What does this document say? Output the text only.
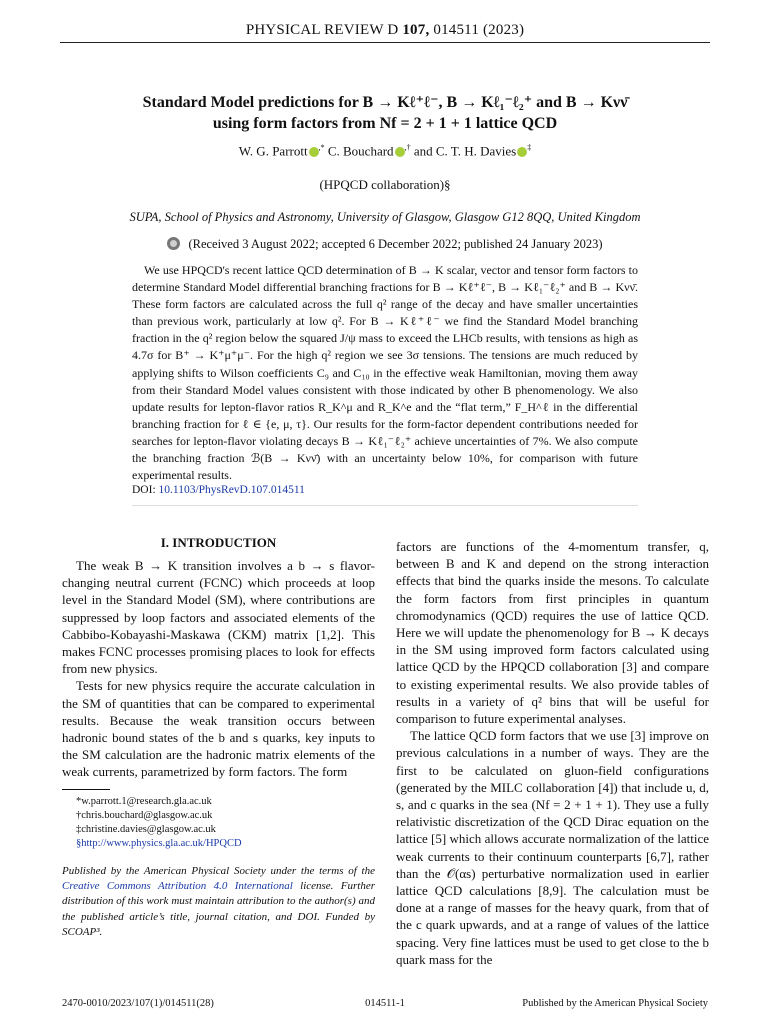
PHYSICAL REVIEW D 107, 014511 (2023)
Standard Model predictions for B → Kℓ⁺ℓ⁻, B → Kℓ₁⁻ℓ₂⁺ and B → Kνν̄
using form factors from Nf = 2 + 1 + 1 lattice QCD
W. G. Parrott ,* C. Bouchard ,† and C. T. H. Davies ‡
(HPQCD collaboration)§
SUPA, School of Physics and Astronomy, University of Glasgow, Glasgow G12 8QQ, United Kingdom
(Received 3 August 2022; accepted 6 December 2022; published 24 January 2023)

We use HPQCD's recent lattice QCD determination of B → K scalar, vector and tensor form factors to determine Standard Model differential branching fractions for B → Kℓ⁺ℓ⁻, B → Kℓ₁⁻ℓ₂⁺ and B → Kνν̄. These form factors are calculated across the full q² range of the decay and have smaller uncertainties than previous work, particularly at low q². For B → Kℓ⁺ℓ⁻ we find the Standard Model branching fraction in the q² region below the squared J/ψ mass to exceed the LHCb results, with tensions as high as 4.7σ for B⁺ → K⁺μ⁺μ⁻. For the high q² region we see 3σ tensions. The tensions are much reduced by applying shifts to Wilson coefficients C₉ and C₁₀ in the effective weak Hamiltonian, moving them away from their Standard Model values consistent with those indicated by other B phenomenology. We also update results for lepton-flavor ratios R_K^μ and R_K^e and the “flat term,” F_H^ℓ in the differential branching fraction for ℓ ∈ {e, μ, τ}. Our results for the form-factor dependent contributions needed for searches for lepton-flavor violating decays B → Kℓ₁⁻ℓ₂⁺ achieve uncertainties of 7%. We also compute the branching fraction ℬ(B → Kνν̄) with an uncertainty below 10%, for comparison with future experimental results.

DOI: 10.1103/PhysRevD.107.014511
I. INTRODUCTION

The weak B → K transition involves a b → s flavor-changing neutral current (FCNC) which proceeds at loop level in the Standard Model (SM), where contributions are suppressed by loop factors and associated elements of the Cabbibo-Kobayashi-Maskawa (CKM) matrix [1,2]. This makes FCNC processes promising places to look for effects from new physics.

Tests for new physics require the accurate calculation in the SM of quantities that can be compared to experimental results. Because the weak transition occurs between hadronic bound states of the b and s quarks, key inputs to the SM calculation are the hadronic matrix elements of the weak currents, parametrized by form factors. The form

factors are functions of the 4-momentum transfer, q, between B and K and depend on the strong interaction effects that bind the quarks inside the mesons. To calculate the form factors from first principles in quantum chromodynamics (QCD) requires the use of lattice QCD. Here we will update the phenomenology for B → K decays in the SM using improved form factors calculated using lattice QCD by the HPQCD collaboration [3] and compare to existing experimental results. We also provide tables of results in a variety of q² bins that will be useful for comparison to future experimental analyses.

The lattice QCD form factors that we use [3] improve on previous calculations in a number of ways. They are the first to be calculated on gluon-field configurations (generated by the MILC collaboration [4]) that include u, d, s, and c quarks in the sea (Nf = 2 + 1 + 1). They use a fully relativistic discretization of the QCD Dirac equation on the lattice [5] which allows accurate normalization of the lattice weak currents to their continuum counterparts [6,7], rather than the 𝒪(αs) perturbative normalization used in earlier lattice QCD calculations [8,9]. The calculation must be done at a range of masses for the heavy quark, from that of the c quark upwards, and at a range of values of the lattice spacing. Very fine lattices must be used to get close to the b quark mass for the

*w.parrott.1@research.gla.ac.uk
†chris.bouchard@glasgow.ac.uk
‡christine.davies@glasgow.ac.uk
§http://www.physics.gla.ac.uk/HPQCD
Published by the American Physical Society under the terms of the Creative Commons Attribution 4.0 International license. Further distribution of this work must maintain attribution to the author(s) and the published article’s title, journal citation, and DOI. Funded by SCOAP³.
2470-0010/2023/107(1)/014511(28)	014511-1	Published by the American Physical Society
